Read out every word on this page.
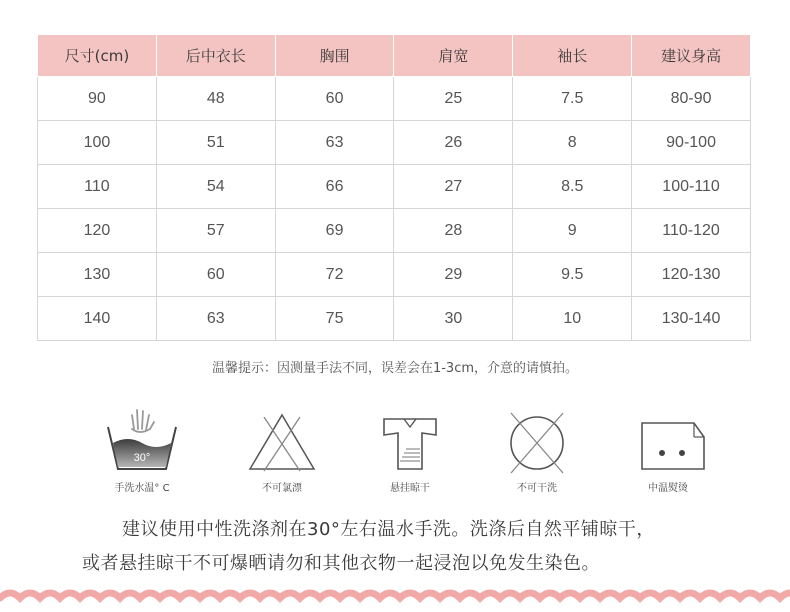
尺寸(cm)	后中衣长	胸围	肩宽	袖长	建议身高
90	48	60	25	7.5	80-90
100	51	63	26	8	90-100
110	54	66	27	8.5	100-110
120	57	69	28	9	110-120
130	60	72	29	9.5	120-130
140	63	75	30	10	130-140
温馨提示：因测量手法不同，误差会在1-3cm，介意的请慎拍。
30°
手洗水温° C	不可氯漂	悬挂晾干	不可干洗	中温熨烫
建议使用中性洗涤剂在30°左右温水手洗。洗涤后自然平铺晾干，
或者悬挂晾干不可爆晒请勿和其他衣物一起浸泡以免发生染色。
